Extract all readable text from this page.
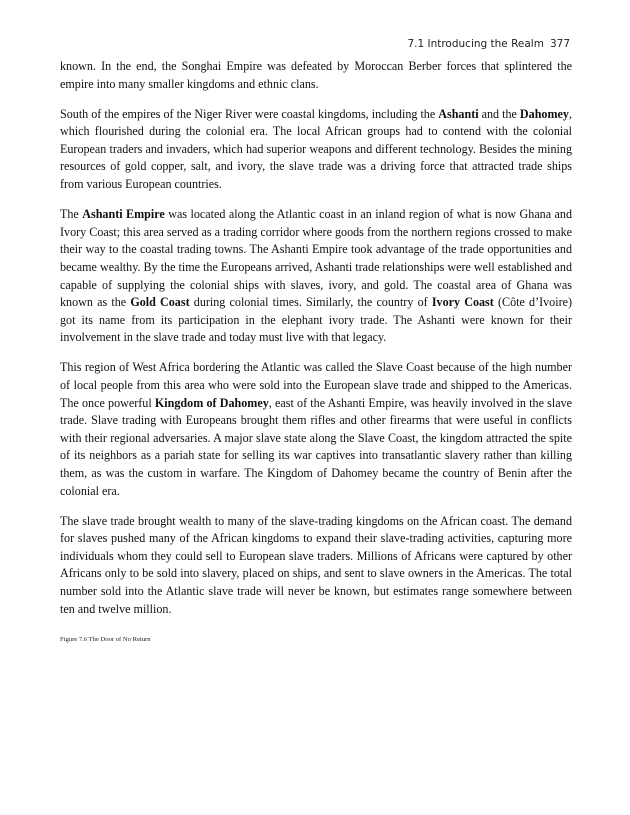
7.1 Introducing the Realm 377

known. In the end, the Songhai Empire was defeated by Moroccan Berber forces that splintered the empire into many smaller kingdoms and ethnic clans.

South of the empires of the Niger River were coastal kingdoms, including the Ashanti and the Dahomey, which flourished during the colonial era. The local African groups had to contend with the colonial European traders and invaders, which had superior weapons and different technology. Besides the mining resources of gold copper, salt, and ivory, the slave trade was a driving force that attracted trade ships from various European countries.

The Ashanti Empire was located along the Atlantic coast in an inland region of what is now Ghana and Ivory Coast; this area served as a trading corridor where goods from the northern regions crossed to make their way to the coastal trading towns. The Ashanti Empire took advantage of the trade opportunities and became wealthy. By the time the Europeans arrived, Ashanti trade relationships were well established and capable of supplying the colonial ships with slaves, ivory, and gold. The coastal area of Ghana was known as the Gold Coast during colonial times. Similarly, the country of Ivory Coast (Côte d’Ivoire) got its name from its participation in the elephant ivory trade. The Ashanti were known for their involvement in the slave trade and today must live with that legacy.

This region of West Africa bordering the Atlantic was called the Slave Coast because of the high number of local people from this area who were sold into the European slave trade and shipped to the Americas. The once powerful Kingdom of Dahomey, east of the Ashanti Empire, was heavily involved in the slave trade. Slave trading with Europeans brought them rifles and other firearms that were useful in conflicts with their regional adversaries. A major slave state along the Slave Coast, the kingdom attracted the spite of its neighbors as a pariah state for selling its war captives into transatlantic slavery rather than killing them, as was the custom in warfare. The Kingdom of Dahomey became the country of Benin after the colonial era.

The slave trade brought wealth to many of the slave-trading kingdoms on the African coast. The demand for slaves pushed many of the African kingdoms to expand their slave-trading activities, capturing more individuals whom they could sell to European slave traders. Millions of Africans were captured by other Africans only to be sold into slavery, placed on ships, and sent to slave owners in the Americas. The total number sold into the Atlantic slave trade will never be known, but estimates range somewhere between ten and twelve million.

Figure 7.6 The Door of No Return
